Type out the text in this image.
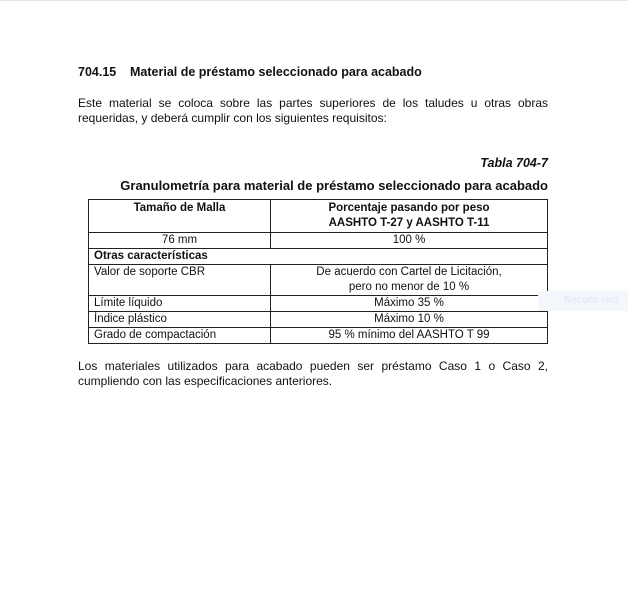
704.15 Material de préstamo seleccionado para acabado
Este material se coloca sobre las partes superiores de los taludes u otras obras requeridas, y deberá cumplir con los siguientes requisitos:
Tabla 704-7
Granulometría para material de préstamo seleccionado para acabado
Tamaño de Malla	Porcentaje pasando por peso
AASHTO T-27 y AASHTO T-11

76 mm	100 %
Otras características	
Valor de soporte CBR	De acuerdo con Cartel de Licitación,
pero no menor de 10 %

Límite líquido	Máximo 35 %
Índice plástico	Máximo 10 %
Grado de compactación	95 % mínimo del AASHTO T 99
Los materiales utilizados para acabado pueden ser préstamo Caso 1 o Caso 2, cumpliendo con las especificaciones anteriores.
Recorte rect
